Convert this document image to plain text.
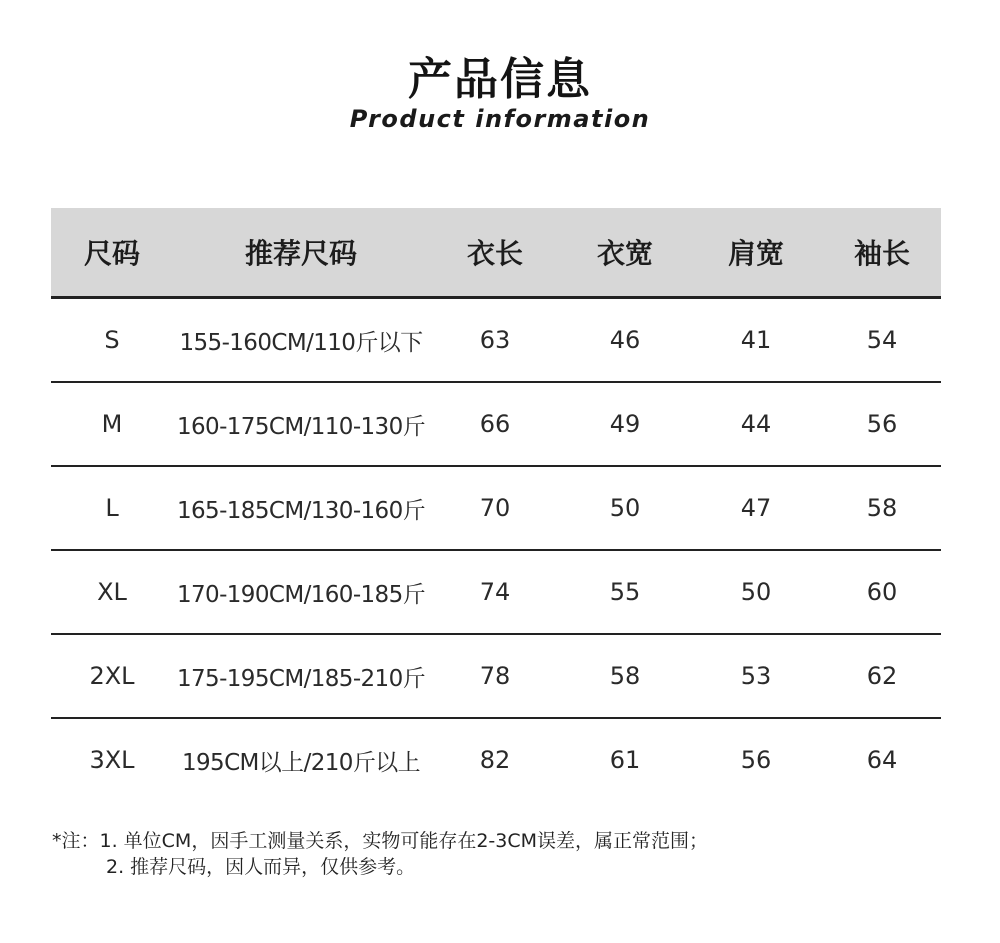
产品信息
Product information
尺码	推荐尺码	衣长	衣宽	肩宽	袖长
S	155-160CM/110斤以下	63	46	41	54
M	160-175CM/110-130斤	66	49	44	56
L	165-185CM/130-160斤	70	50	47	58
XL	170-190CM/160-185斤	74	55	50	60
2XL	175-195CM/185-210斤	78	58	53	62
3XL	195CM以上/210斤以上	82	61	56	64
*注：1. 单位CM，因手工测量关系，实物可能存在2-3CM误差，属正常范围；
2. 推荐尺码，因人而异，仅供参考。
